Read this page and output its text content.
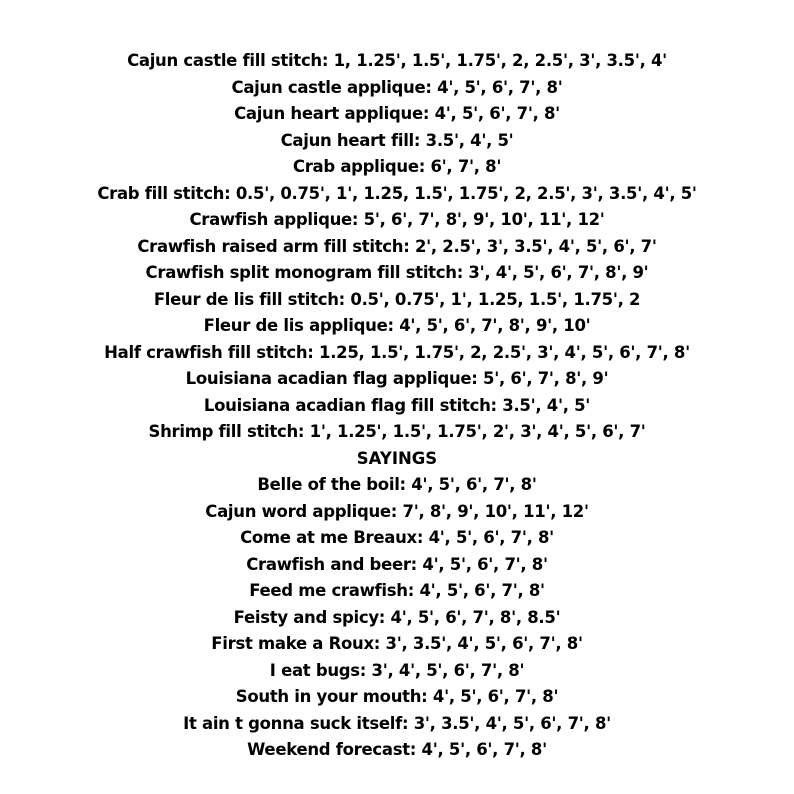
Cajun castle fill stitch: 1, 1.25', 1.5', 1.75', 2, 2.5', 3', 3.5', 4'
Cajun castle applique: 4', 5', 6', 7', 8'
Cajun heart applique: 4', 5', 6', 7', 8'
Cajun heart fill: 3.5', 4', 5'
Crab applique: 6', 7', 8'
Crab fill stitch: 0.5', 0.75', 1', 1.25, 1.5', 1.75', 2, 2.5', 3', 3.5', 4', 5'
Crawfish applique: 5', 6', 7', 8', 9', 10', 11', 12'
Crawfish raised arm fill stitch: 2', 2.5', 3', 3.5', 4', 5', 6', 7'
Crawfish split monogram fill stitch: 3', 4', 5', 6', 7', 8', 9'
Fleur de lis fill stitch: 0.5', 0.75', 1', 1.25, 1.5', 1.75', 2
Fleur de lis applique: 4', 5', 6', 7', 8', 9', 10'
Half crawfish fill stitch: 1.25, 1.5', 1.75', 2, 2.5', 3', 4', 5', 6', 7', 8'
Louisiana acadian flag applique: 5', 6', 7', 8', 9'
Louisiana acadian flag fill stitch: 3.5', 4', 5'
Shrimp fill stitch: 1', 1.25', 1.5', 1.75', 2', 3', 4', 5', 6', 7'
SAYINGS
Belle of the boil: 4', 5', 6', 7', 8'
Cajun word applique: 7', 8', 9', 10', 11', 12'
Come at me Breaux: 4', 5', 6', 7', 8'
Crawfish and beer: 4', 5', 6', 7', 8'
Feed me crawfish: 4', 5', 6', 7', 8'
Feisty and spicy: 4', 5', 6', 7', 8', 8.5'
First make a Roux: 3', 3.5', 4', 5', 6', 7', 8'
I eat bugs: 3', 4', 5', 6', 7', 8'
South in your mouth: 4', 5', 6', 7', 8'
It ain t gonna suck itself: 3', 3.5', 4', 5', 6', 7', 8'
Weekend forecast: 4', 5', 6', 7', 8'
